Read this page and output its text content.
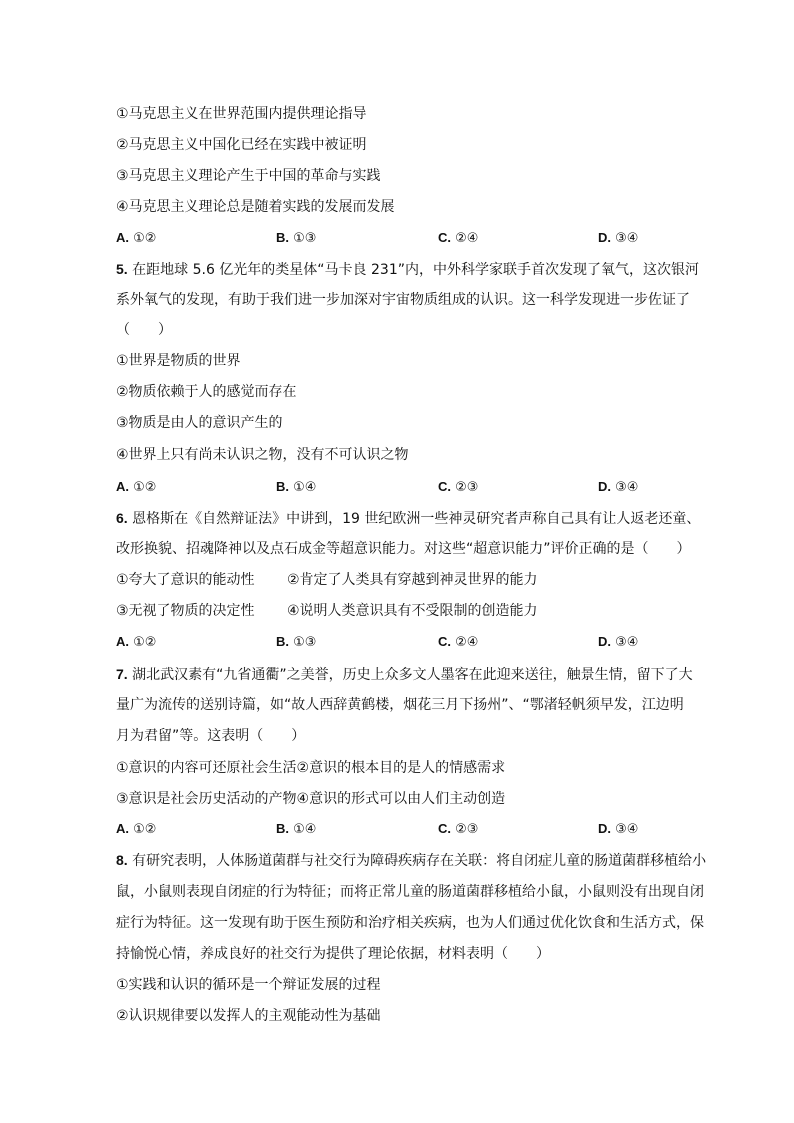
①马克思主义在世界范围内提供理论指导
②马克思主义中国化已经在实践中被证明
③马克思主义理论产生于中国的革命与实践
④马克思主义理论总是随着实践的发展而发展
A. ①②	B. ①③	C. ②④	D. ③④
5. 在距地球 5.6 亿光年的类星体“马卡良 231”内，中外科学家联手首次发现了氧气，这次银河
系外氧气的发现，有助于我们进一步加深对宇宙物质组成的认识。这一科学发现进一步佐证了
（　　）
①世界是物质的世界
②物质依赖于人的感觉而存在
③物质是由人的意识产生的
④世界上只有尚未认识之物，没有不可认识之物
A. ①②	B. ①④	C. ②③	D. ③④
6. 恩格斯在《自然辩证法》中讲到，19 世纪欧洲一些神灵研究者声称自己具有让人返老还童、
改形换貌、招魂降神以及点石成金等超意识能力。对这些“超意识能力”评价正确的是（　　）
①夸大了意识的能动性 ②肯定了人类具有穿越到神灵世界的能力
③无视了物质的决定性 ④说明人类意识具有不受限制的创造能力
A. ①②	B. ①③	C. ②④	D. ③④
7. 湖北武汉素有“九省通衢”之美誉，历史上众多文人墨客在此迎来送往，触景生情，留下了大
量广为流传的送别诗篇，如“故人西辞黄鹤楼，烟花三月下扬州”、“鄂渚轻帆须早发，江边明
月为君留”等。这表明（　　）
①意识的内容可还原社会生活②意识的根本目的是人的情感需求
③意识是社会历史活动的产物④意识的形式可以由人们主动创造
A. ①②	B. ①④	C. ②③	D. ③④
8. 有研究表明，人体肠道菌群与社交行为障碍疾病存在关联：将自闭症儿童的肠道菌群移植给小
鼠，小鼠则表现自闭症的行为特征；而将正常儿童的肠道菌群移植给小鼠，小鼠则没有出现自闭
症行为特征。这一发现有助于医生预防和治疗相关疾病，也为人们通过优化饮食和生活方式，保
持愉悦心情，养成良好的社交行为提供了理论依据，材料表明（　　）
①实践和认识的循环是一个辩证发展的过程
②认识规律要以发挥人的主观能动性为基础
